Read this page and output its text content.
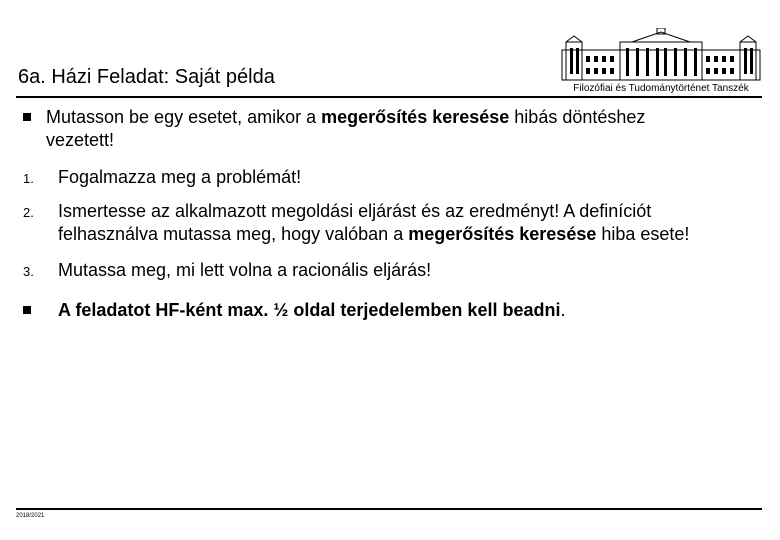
Filozófiai és Tudománytörténet Tanszék
6a. Házi Feladat: Saját példa
Mutasson be egy esetet, amikor a megerősítés keresése hibás döntéshez
vezetett!
1. Fogalmazza meg a problémát!
2. Ismertesse az alkalmazott megoldási eljárást és az eredményt! A definíciót
felhasználva mutassa meg, hogy valóban a megerősítés keresése hiba esete!
3. Mutassa meg, mi lett volna a racionális eljárás!
A feladatot HF-ként max. ½ oldal terjedelemben kell beadni.
2018/2021
